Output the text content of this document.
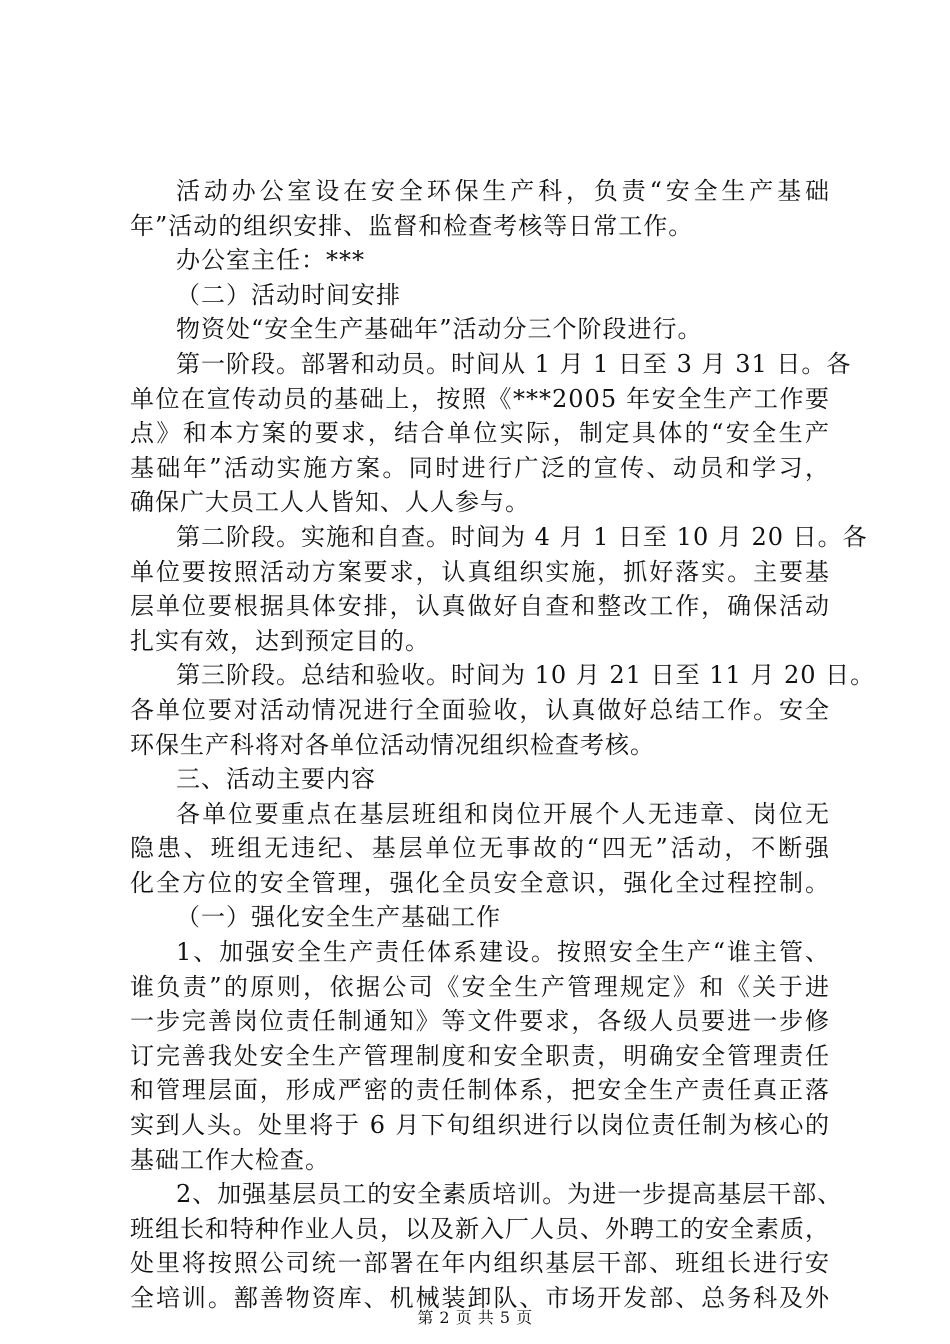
活动办公室设在安全环保生产科，负责“安全生产基础
年”活动的组织安排、监督和检查考核等日常工作。
办公室主任：***
（二）活动时间安排
物资处“安全生产基础年”活动分三个阶段进行。
第一阶段。部署和动员。时间从 1 月 1 日至 3 月 31 日。各
单位在宣传动员的基础上，按照《***2005 年安全生产工作要
点》和本方案的要求，结合单位实际，制定具体的“安全生产
基础年”活动实施方案。同时进行广泛的宣传、动员和学习，
确保广大员工人人皆知、人人参与。
第二阶段。实施和自查。时间为 4 月 1 日至 10 月 20 日。各
单位要按照活动方案要求，认真组织实施，抓好落实。主要基
层单位要根据具体安排，认真做好自查和整改工作，确保活动
扎实有效，达到预定目的。
第三阶段。总结和验收。时间为 10 月 21 日至 11 月 20 日。
各单位要对活动情况进行全面验收，认真做好总结工作。安全
环保生产科将对各单位活动情况组织检查考核。
三、活动主要内容
各单位要重点在基层班组和岗位开展个人无违章、岗位无
隐患、班组无违纪、基层单位无事故的“四无”活动，不断强
化全方位的安全管理，强化全员安全意识，强化全过程控制。
（一）强化安全生产基础工作
1、加强安全生产责任体系建设。按照安全生产“谁主管、
谁负责”的原则，依据公司《安全生产管理规定》和《关于进
一步完善岗位责任制通知》等文件要求，各级人员要进一步修
订完善我处安全生产管理制度和安全职责，明确安全管理责任
和管理层面，形成严密的责任制体系，把安全生产责任真正落
实到人头。处里将于 6 月下旬组织进行以岗位责任制为核心的
基础工作大检查。
2、加强基层员工的安全素质培训。为进一步提高基层干部、
班组长和特种作业人员，以及新入厂人员、外聘工的安全素质，
处里将按照公司统一部署在年内组织基层干部、班组长进行安
全培训。鄯善物资库、机械装卸队、市场开发部、总务科及外
第 2 页 共 5 页
